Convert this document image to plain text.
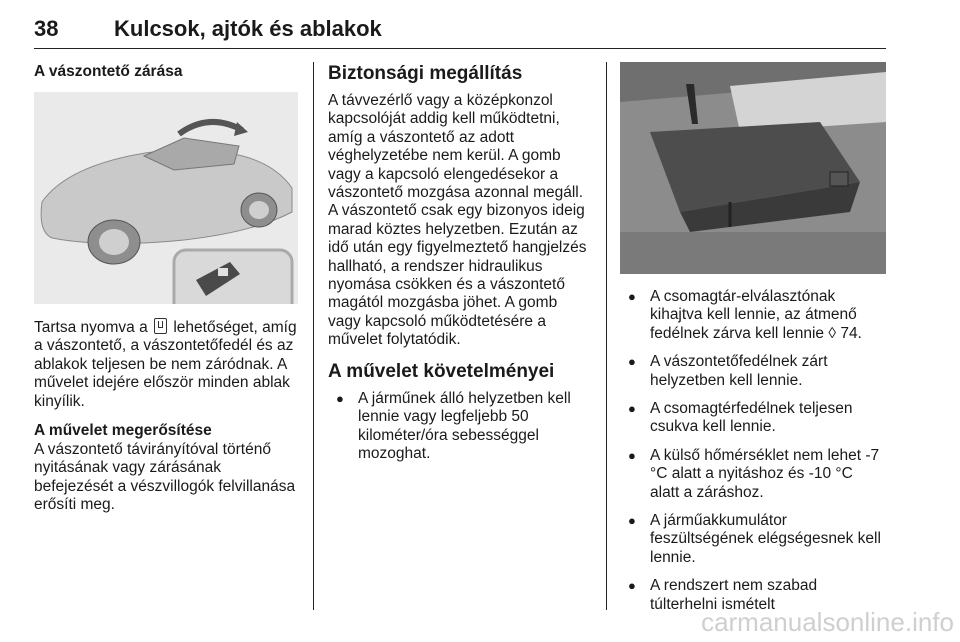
38	Kulcsok, ajtók és ablakok
A vászontető zárása

Tartsa nyomva a lehetőséget, amíg a vászontető, a vászontetőfedél és az ablakok teljesen be nem záródnak. A művelet idejére először minden ablak kinyílik.

A művelet megerősítése

A vászontető távirányítóval történő nyitásának vagy zárásának befejezését a vészvillogók felvillanása erősíti meg.

Biztonsági megállítás

A távvezérlő vagy a középkonzol kapcsolóját addig kell működtetni, amíg a vászontető az adott véghelyzetébe nem kerül. A gomb vagy a kapcsoló elengedésekor a vászontető mozgása azonnal megáll. A vászontető csak egy bizonyos ideig marad köztes helyzetben. Ezután az idő után egy figyelmeztető hangjelzés hallható, a rendszer hidraulikus nyomása csökken és a vászontető magától mozgásba jöhet. A gomb vagy kapcsoló működtetésére a művelet folytatódik.

A művelet követelményei
● A járműnek álló helyzetben kell lennie vagy legfeljebb 50 kilométer/óra sebességgel mozoghat.
● A csomagtár-elválasztónak kihajtva kell lennie, az átmenő fedélnek zárva kell lennie ◊ 74.
● A vászontetőfedélnek zárt helyzetben kell lennie.
● A csomagtérfedélnek teljesen csukva kell lennie.
● A külső hőmérséklet nem lehet -7 °C alatt a nyitáshoz és -10 °C alatt a záráshoz.
● A járműakkumulátor feszültségének elégségesnek kell lennie.
● A rendszert nem szabad túlterhelni ismételt
carmanualsonline.info
